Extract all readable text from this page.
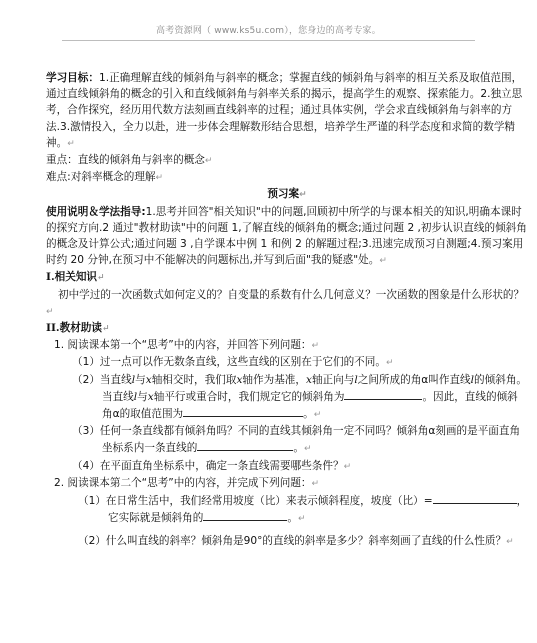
高考资源网（ www.ks5u.com），您身边的高考专家。

学习目标：1.正确理解直线的倾斜角与斜率的概念；掌握直线的倾斜角与斜率的相互关系及取值范围，通过直线倾斜角的概念的引入和直线倾斜角与斜率关系的揭示，提高学生的观察、探索能力。2.独立思考，合作探究，经历用代数方法刻画直线斜率的过程；通过具体实例，学会求直线倾斜角与斜率的方法.3.激情投入，全力以赴，进一步体会理解数形结合思想，培养学生严谨的科学态度和求简的数学精神。↵

重点：直线的倾斜角与斜率的概念↵

难点:对斜率概念的理解↵

预习案↵

使用说明＆学法指导:1.思考并回答"相关知识"中的问题,回顾初中所学的与课本相关的知识,明确本课时的探究方向.2 通过"教材助读"中的问题 1,了解直线的倾斜角的概念;通过问题 2 ,初步认识直线的倾斜角的概念及计算公式;通过问题 3 ,自学课本中例 1 和例 2 的解题过程;3.迅速完成预习自测题;4.预习案用时约 20 分钟,在预习中不能解决的问题标出,并写到后面"我的疑惑"处。↵

I.相关知识↵

初中学过的一次函数式如何定义的？自变量的系数有什么几何意义？一次函数的图象是什么形状的？↵

II.教材助读↵

1. 阅读课本第一个“思考”中的内容，并回答下列问题：↵

（1）过一点可以作无数条直线，这些直线的区别在于它们的不同。↵

（2）当直线l与x轴相交时，我们取x轴作为基准，x轴正向与l之间所成的角α叫作直线l的倾斜角。当直线l与x轴平行或重合时，我们规定它的倾斜角为	。因此，直线的倾斜角α的取值范围为	。↵

（3）任何一条直线都有倾斜角吗？不同的直线其倾斜角一定不同吗？倾斜角α刻画的是平面直角坐标系内一条直线的	。↵

（4）在平面直角坐标系中，确定一条直线需要哪些条件？↵

2. 阅读课本第二个“思考”中的内容，并完成下列问题：↵

（1）在日常生活中，我们经常用坡度（比）来表示倾斜程度，坡度（比）=	，它实际就是倾斜角的	。↵

（2）什么叫直线的斜率？倾斜角是90°的直线的斜率是多少？斜率刻画了直线的什么性质？↵
